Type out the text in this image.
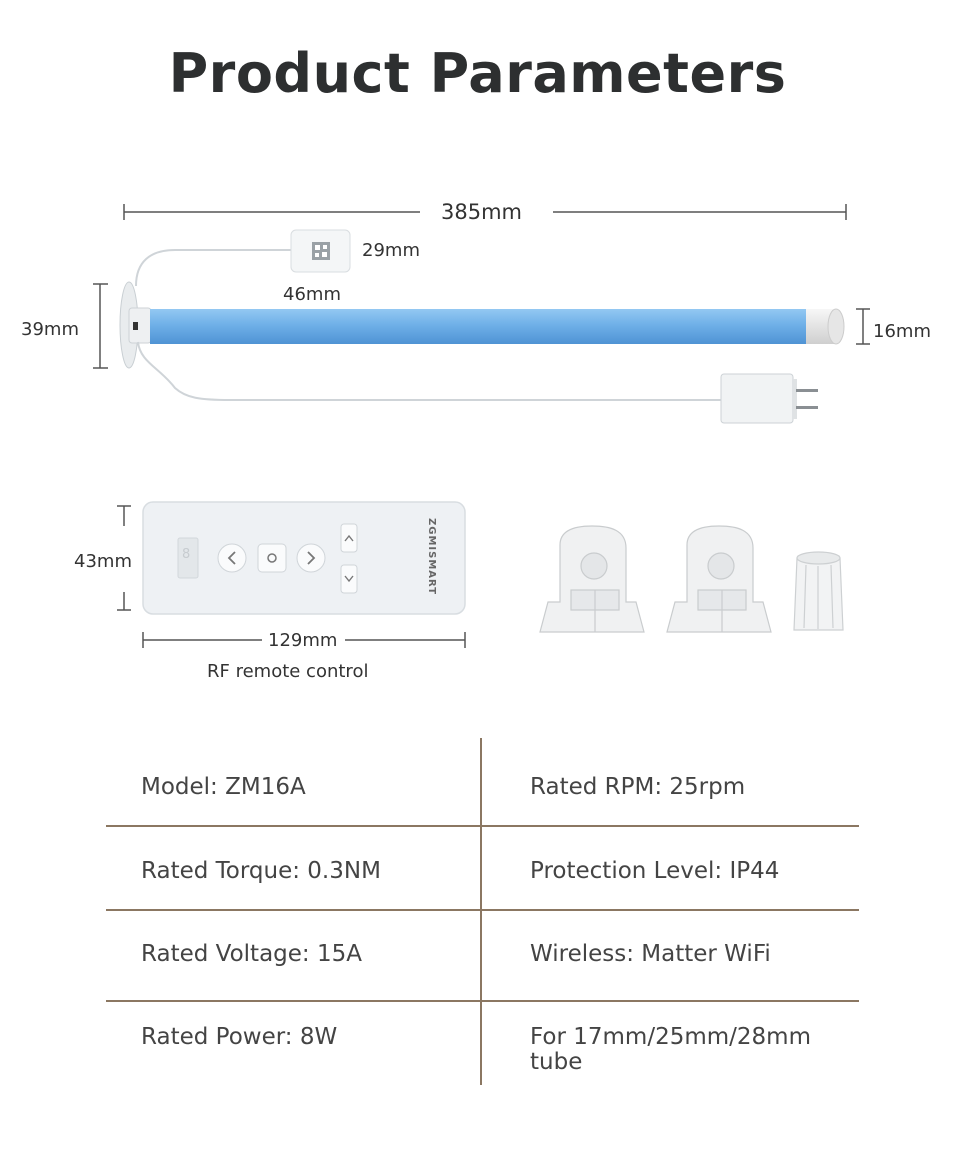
Product Parameters
385mm
29mm
46mm
39mm	16mm
43mm
129mm
8	ZGMISMART
RF remote control
Model: ZM16A	Rated RPM: 25rpm
Rated Torque: 0.3NM	Protection Level: IP44
Rated Voltage: 15A	Wireless: Matter WiFi
Rated Power: 8W	For 17mm/25mm/28mm tube
